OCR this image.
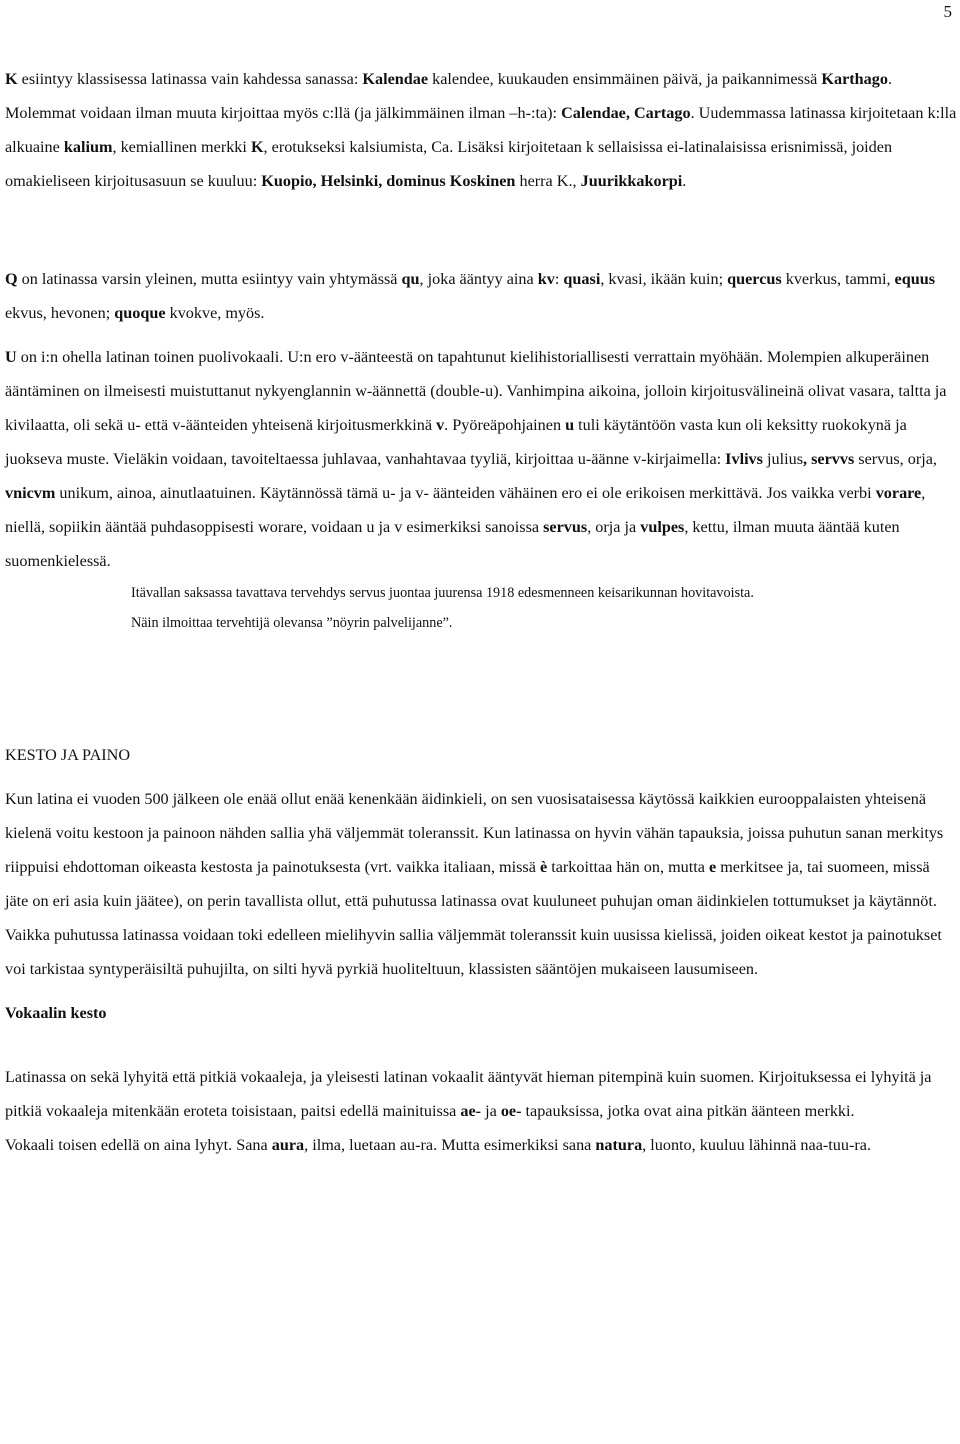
5

K esiintyy klassisessa latinassa vain kahdessa sanassa: Kalendae kalendee, kuukauden ensimmäinen päivä, ja paikannimessä Karthago. Molemmat voidaan ilman muuta kirjoittaa myös c:llä (ja jälkimmäinen ilman –h-:ta): Calendae, Cartago. Uudemmassa latinassa kirjoitetaan k:lla alkuaine kalium, kemiallinen merkki K, erotukseksi kalsiumista, Ca. Lisäksi kirjoitetaan k sellaisissa ei-latinalaisissa erisnimissä, joiden omakieliseen kirjoitusasuun se kuuluu: Kuopio, Helsinki, dominus Koskinen herra K., Juurikkakorpi.

Q on latinassa varsin yleinen, mutta esiintyy vain yhtymässä qu, joka ääntyy aina kv: quasi, kvasi, ikään kuin; quercus kverkus, tammi, equus ekvus, hevonen; quoque kvokve, myös.

U on i:n ohella latinan toinen puolivokaali. U:n ero v-äänteestä on tapahtunut kielihistoriallisesti verrattain myöhään. Molempien alkuperäinen ääntäminen on ilmeisesti muistuttanut nykyenglannin w-äännettä (double-u). Vanhimpina aikoina, jolloin kirjoitusvälineinä olivat vasara, taltta ja kivilaatta, oli sekä u- että v-äänteiden yhteisenä kirjoitusmerkkinä v. Pyöreäpohjainen u tuli käytäntöön vasta kun oli keksitty ruokokynä ja juokseva muste. Vieläkin voidaan, tavoiteltaessa juhlavaa, vanhahtavaa tyyliä, kirjoittaa u-äänne v-kirjaimella: Ivlivs julius, servvs servus, orja, vnicvm unikum, ainoa, ainutlaatuinen. Käytännössä tämä u- ja v- äänteiden vähäinen ero ei ole erikoisen merkittävä. Jos vaikka verbi vorare, niellä, sopiikin ääntää puhdasoppisesti worare, voidaan u ja v esimerkiksi sanoissa servus, orja ja vulpes, kettu, ilman muuta ääntää kuten suomenkielessä.

Itävallan saksassa tavattava tervehdys servus juontaa juurensa 1918 edesmenneen keisarikunnan hovitavoista.

Näin ilmoittaa tervehtijä olevansa ”nöyrin palvelijanne”.

KESTO JA PAINO

Kun latina ei vuoden 500 jälkeen ole enää ollut enää kenenkään äidinkieli, on sen vuosisataisessa käytössä kaikkien eurooppalaisten yhteisenä kielenä voitu kestoon ja painoon nähden sallia yhä väljemmät toleranssit. Kun latinassa on hyvin vähän tapauksia, joissa puhutun sanan merkitys riippuisi ehdottoman oikeasta kestosta ja painotuksesta (vrt. vaikka italiaan, missä è tarkoittaa hän on, mutta e merkitsee ja, tai suomeen, missä jäte on eri asia kuin jäätee), on perin tavallista ollut, että puhutussa latinassa ovat kuuluneet puhujan oman äidinkielen tottumukset ja käytännöt. Vaikka puhutussa latinassa voidaan toki edelleen mielihyvin sallia väljemmät toleranssit kuin uusissa kielissä, joiden oikeat kestot ja painotukset voi tarkistaa syntyperäisiltä puhujilta, on silti hyvä pyrkiä huoliteltuun, klassisten sääntöjen mukaiseen lausumiseen.

Vokaalin kesto

Latinassa on sekä lyhyitä että pitkiä vokaaleja, ja yleisesti latinan vokaalit ääntyvät hieman pitempinä kuin suomen. Kirjoituksessa ei lyhyitä ja pitkiä vokaaleja mitenkään eroteta toisistaan, paitsi edellä mainituissa ae- ja oe- tapauksissa, jotka ovat aina pitkän äänteen merkki.

Vokaali toisen edellä on aina lyhyt. Sana aura, ilma, luetaan au-ra. Mutta esimerkiksi sana natura, luonto, kuuluu lähinnä naa-tuu-ra.
